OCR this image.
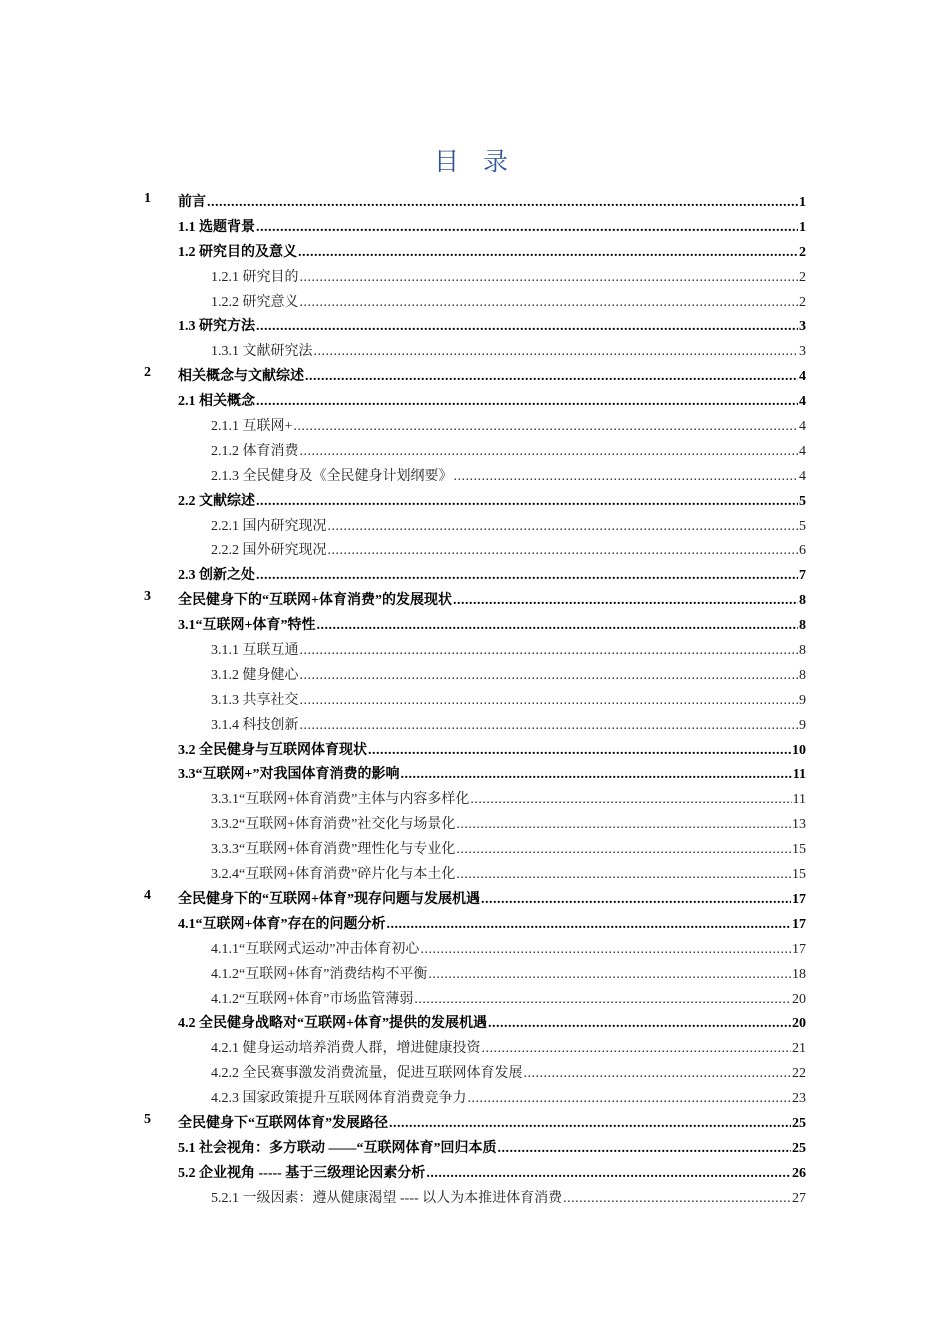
目 录
1 前言 .....	1
1.1 选题背景 .....	1
1.2 研究目的及意义 .....	2
1.2.1 研究目的 .....	2
1.2.2 研究意义 .....	2
1.3 研究方法 .....	3
1.3.1 文献研究法 .....	3
2 相关概念与文献综述 .....	4
2.1 相关概念 .....	4
2.1.1 互联网+ .....	4
2.1.2 体育消费 .....	4
2.1.3 全民健身及《全民健身计划纲要》 .....	4
2.2 文献综述 .....	5
2.2.1 国内研究现况 .....	5
2.2.2 国外研究现况 .....	6
2.3 创新之处 .....	7
3 全民健身下的“互联网+体育消费”的发展现状 .....	8
3.1“互联网+体育”特性 .....	8
3.1.1 互联互通 .....	8
3.1.2 健身健心 .....	8
3.1.3 共享社交 .....	9
3.1.4 科技创新 .....	9
3.2 全民健身与互联网体育现状 .....	10
3.3“互联网+”对我国体育消费的影响 .....	11
3.3.1“互联网+体育消费”主体与内容多样化 .....	11
3.3.2“互联网+体育消费”社交化与场景化 .....	13
3.3.3“互联网+体育消费”理性化与专业化 .....	15
3.2.4“互联网+体育消费”碎片化与本土化 .....	15
4 全民健身下的“互联网+体育”现存问题与发展机遇 .....	17
4.1“互联网+体育”存在的问题分析 .....	17
4.1.1“互联网式运动”冲击体育初心 .....	17
4.1.2“互联网+体育”消费结构不平衡 .....	18
4.1.2“互联网+体育”市场监管薄弱 .....	20
4.2 全民健身战略对“互联网+体育”提供的发展机遇 .....	20
4.2.1 健身运动培养消费人群，增进健康投资 .....	21
4.2.2 全民赛事激发消费流量，促进互联网体育发展 .....	22
4.2.3 国家政策提升互联网体育消费竞争力 .....	23
5 全民健身下“互联网体育”发展路径 .....	25
5.1 社会视角：多方联动 ——“互联网体育”回归本质 .....	25
5.2 企业视角 ----- 基于三级理论因素分析 .....	26
5.2.1 一级因素：遵从健康渴望 ---- 以人为本推进体育消费 .....	27
